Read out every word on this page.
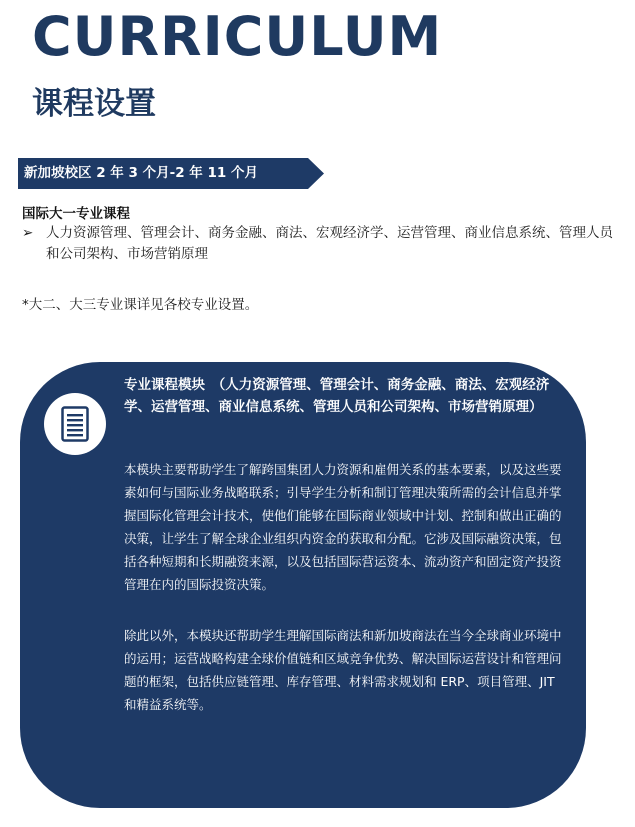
CURRICULUM
课程设置
新加坡校区 2 年 3 个月-2 年 11 个月
国际大一专业课程
➢ 人力资源管理、管理会计、商务金融、商法、宏观经济学、运营管理、商业信息系统、管理人员和公司架构、市场营销原理
*大二、大三专业课详见各校专业设置。

专业课程模块　（人力资源管理、管理会计、商务金融、商法、宏观经济学、运营管理、商业信息系统、管理人员和公司架构、市场营销原理）

本模块主要帮助学生了解跨国集团人力资源和雇佣关系的基本要素，以及这些要素如何与国际业务战略联系；引导学生分析和制订管理决策所需的会计信息并掌握国际化管理会计技术，使他们能够在国际商业领域中计划、控制和做出正确的决策，让学生了解全球企业组织内资金的获取和分配。它涉及国际融资决策，包括各种短期和长期融资来源，以及包括国际营运资本、流动资产和固定资产投资管理在内的国际投资决策。

除此以外，本模块还帮助学生理解国际商法和新加坡商法在当今全球商业环境中的运用；运营战略构建全球价值链和区域竞争优势、解决国际运营设计和管理问题的框架，包括供应链管理、库存管理、材料需求规划和 ERP、项目管理、JIT 和精益系统等。
